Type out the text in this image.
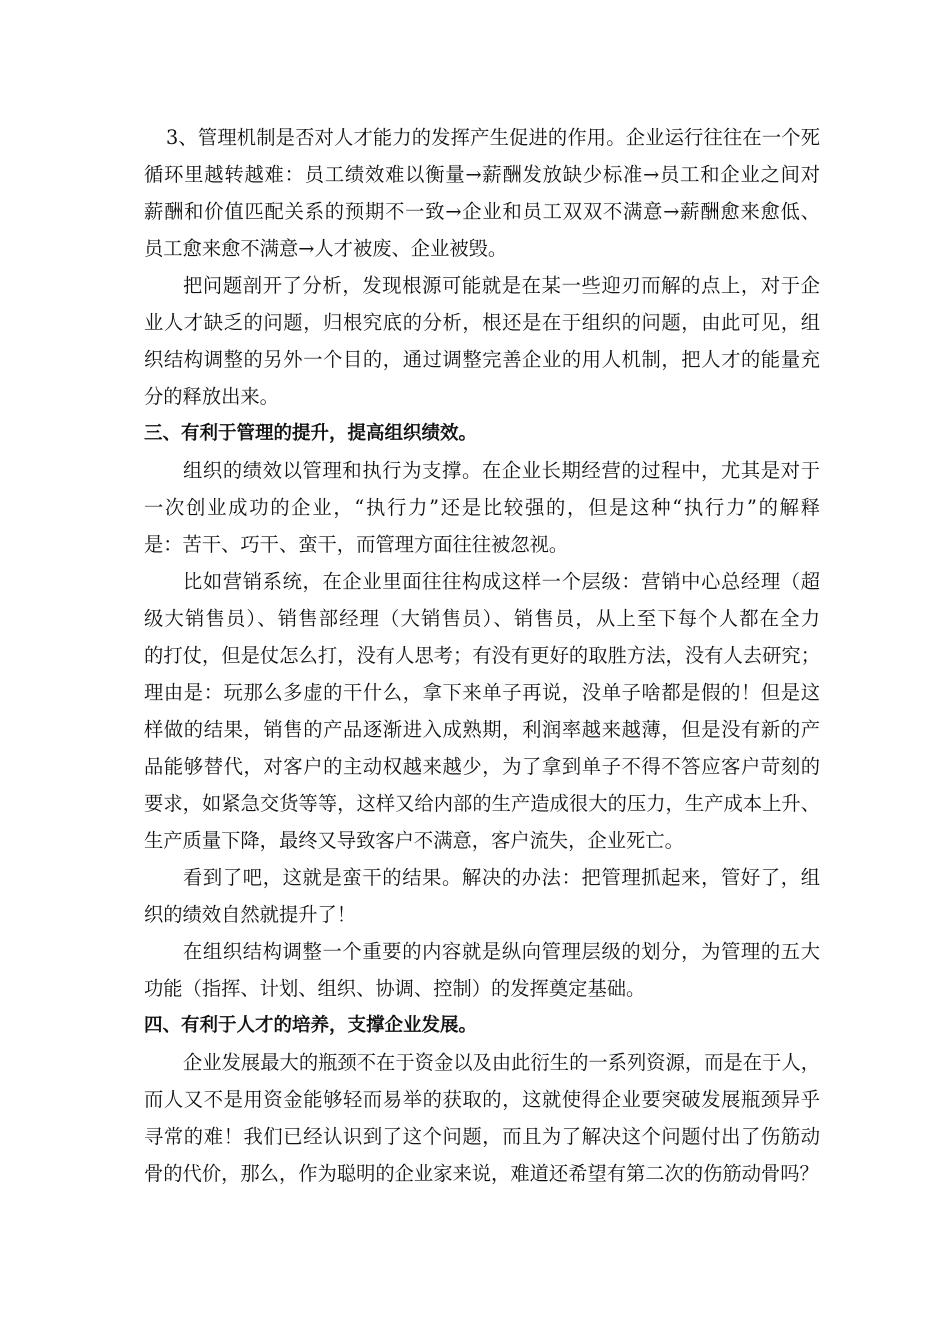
3、管理机制是否对人才能力的发挥产生促进的作用。企业运行往往在一个死
循环里越转越难：员工绩效难以衡量→薪酬发放缺少标准→员工和企业之间对
薪酬和价值匹配关系的预期不一致→企业和员工双双不满意→薪酬愈来愈低、
员工愈来愈不满意→人才被废、企业被毁。
把问题剖开了分析，发现根源可能就是在某一些迎刃而解的点上，对于企
业人才缺乏的问题，归根究底的分析，根还是在于组织的问题，由此可见，组
织结构调整的另外一个目的，通过调整完善企业的用人机制，把人才的能量充
分的释放出来。
三、有利于管理的提升，提高组织绩效。
组织的绩效以管理和执行为支撑。在企业长期经营的过程中，尤其是对于
一次创业成功的企业，“执行力”还是比较强的，但是这种“执行力”的解释
是：苦干、巧干、蛮干，而管理方面往往被忽视。
比如营销系统，在企业里面往往构成这样一个层级：营销中心总经理（超
级大销售员）、销售部经理（大销售员）、销售员，从上至下每个人都在全力
的打仗，但是仗怎么打，没有人思考；有没有更好的取胜方法，没有人去研究；
理由是：玩那么多虚的干什么，拿下来单子再说，没单子啥都是假的！但是这
样做的结果，销售的产品逐渐进入成熟期，利润率越来越薄，但是没有新的产
品能够替代，对客户的主动权越来越少，为了拿到单子不得不答应客户苛刻的
要求，如紧急交货等等，这样又给内部的生产造成很大的压力，生产成本上升、
生产质量下降，最终又导致客户不满意，客户流失，企业死亡。
看到了吧，这就是蛮干的结果。解决的办法：把管理抓起来，管好了，组
织的绩效自然就提升了！
在组织结构调整一个重要的内容就是纵向管理层级的划分，为管理的五大
功能（指挥、计划、组织、协调、控制）的发挥奠定基础。
四、有利于人才的培养，支撑企业发展。
企业发展最大的瓶颈不在于资金以及由此衍生的一系列资源，而是在于人，
而人又不是用资金能够轻而易举的获取的，这就使得企业要突破发展瓶颈异乎
寻常的难！我们已经认识到了这个问题，而且为了解决这个问题付出了伤筋动
骨的代价，那么，作为聪明的企业家来说，难道还希望有第二次的伤筋动骨吗？
